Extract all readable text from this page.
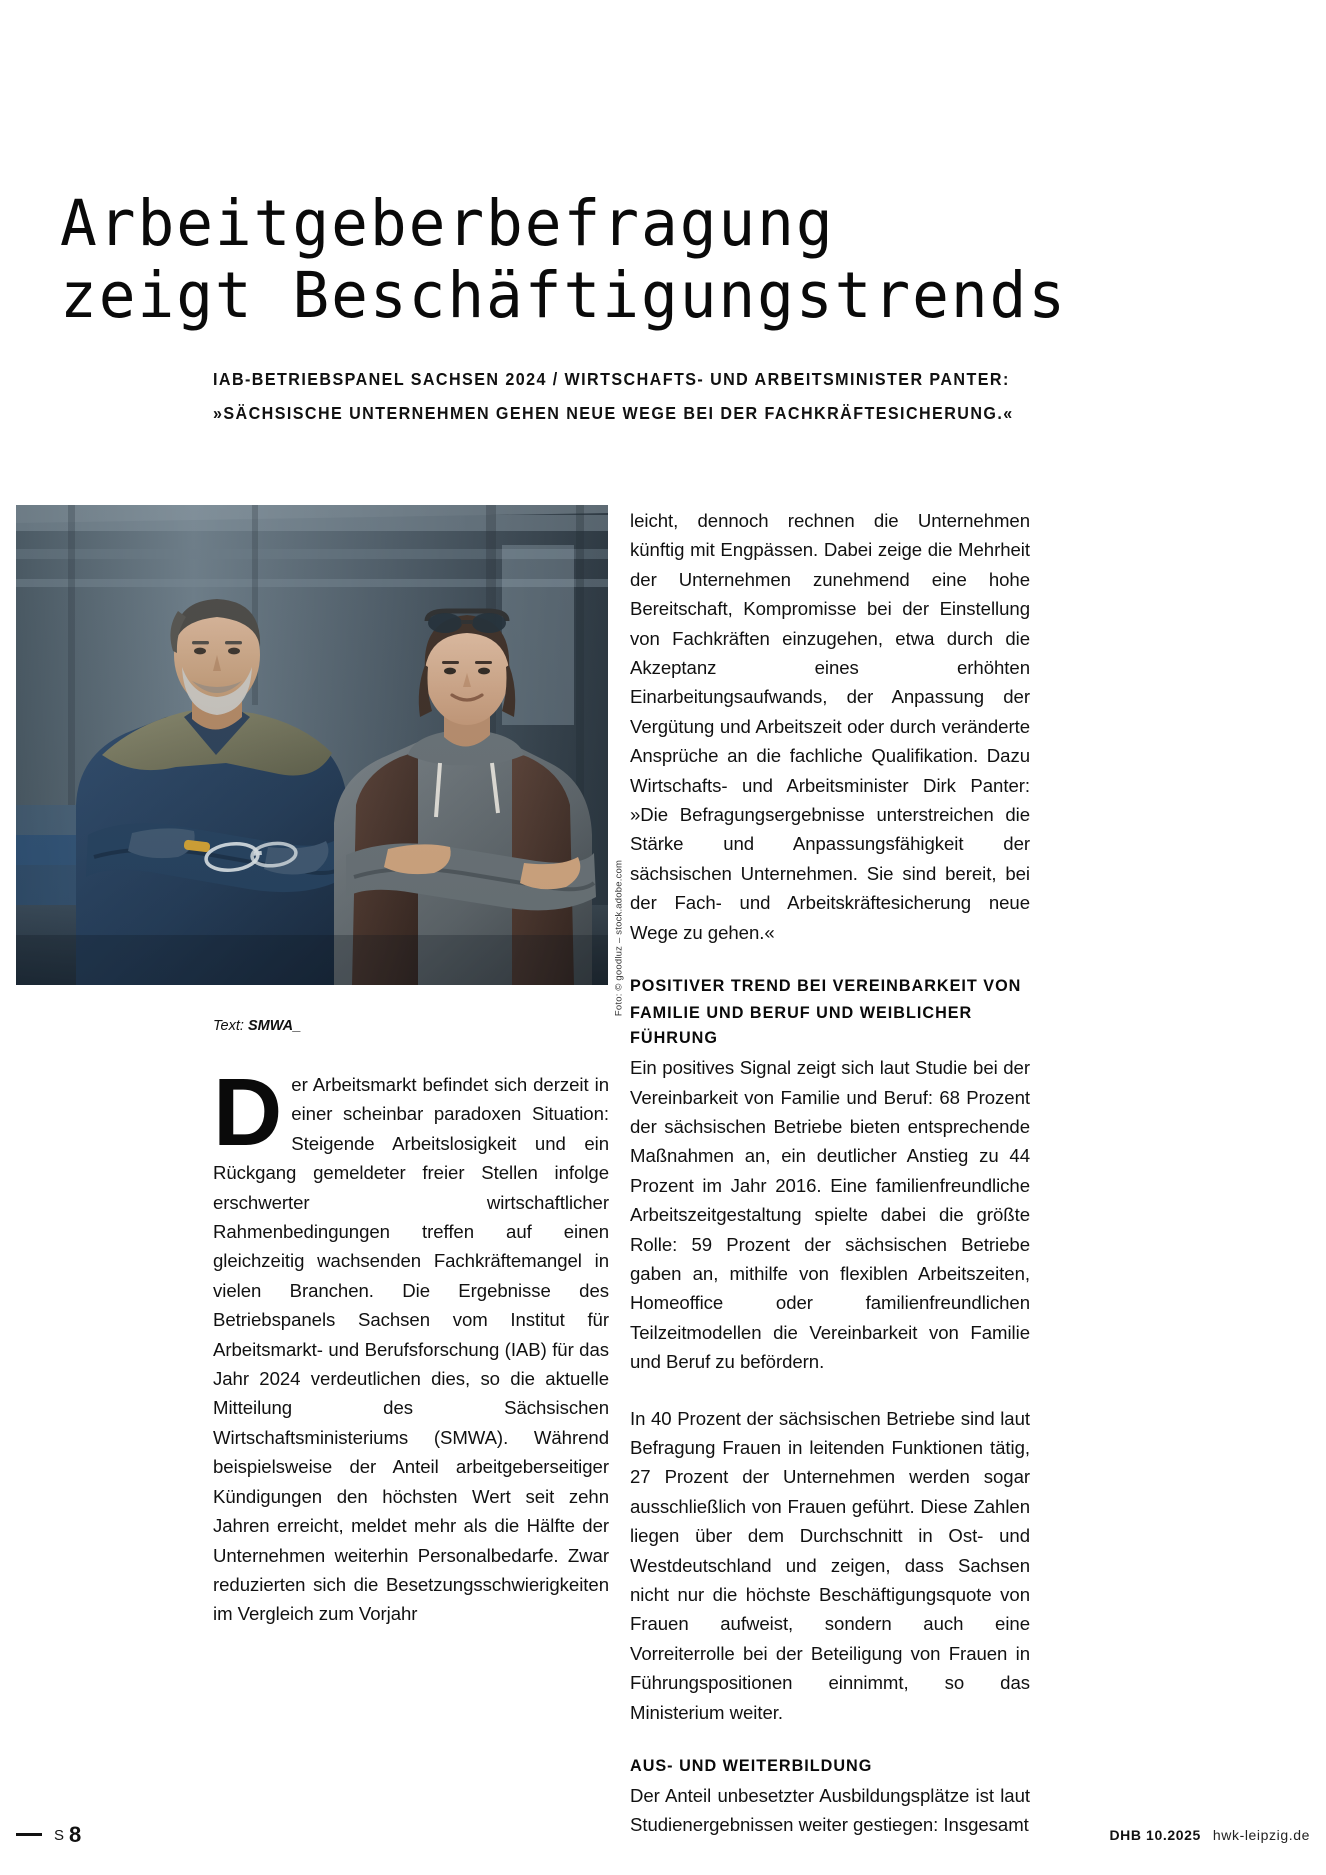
Arbeitgeberbefragung
zeigt Beschäftigungstrends
IAB-BETRIEBSPANEL SACHSEN 2024 / WIRTSCHAFTS- UND ARBEITSMINISTER PANTER:
»SÄCHSISCHE UNTERNEHMEN GEHEN NEUE WEGE BEI DER FACHKRÄFTESICHERUNG.«
Foto: © goodluz – stock.adobe.com
Text: SMWA_

Der Arbeitsmarkt befindet sich derzeit in einer scheinbar paradoxen Situation: Steigende Arbeitslosigkeit und ein Rückgang gemeldeter freier Stellen infolge erschwerter wirtschaftlicher Rahmenbedingungen treffen auf einen gleichzeitig wachsenden Fachkräftemangel in vielen Branchen. Die Ergebnisse des Betriebspanels Sachsen vom Institut für Arbeitsmarkt- und Berufsforschung (IAB) für das Jahr 2024 verdeutlichen dies, so die aktuelle Mitteilung des Sächsischen Wirtschaftsministeriums (SMWA). Während beispielsweise der Anteil arbeitgeberseitiger Kündigungen den höchsten Wert seit zehn Jahren erreicht, meldet mehr als die Hälfte der Unternehmen weiterhin Personalbedarfe. Zwar reduzierten sich die Besetzungsschwierigkeiten im Vergleich zum Vorjahr

leicht, dennoch rechnen die Unternehmen künftig mit Engpässen. Dabei zeige die Mehrheit der Unternehmen zunehmend eine hohe Bereitschaft, Kompromisse bei der Einstellung von Fachkräften einzugehen, etwa durch die Akzeptanz eines erhöhten Einarbeitungsaufwands, der Anpassung der Vergütung und Arbeitszeit oder durch veränderte Ansprüche an die fachliche Qualifikation. Dazu Wirtschafts- und Arbeitsminister Dirk Panter: »Die Befragungsergebnisse unterstreichen die Stärke und Anpassungsfähigkeit der sächsischen Unternehmen. Sie sind bereit, bei der Fach- und Arbeitskräftesicherung neue Wege zu gehen.«

POSITIVER TREND BEI VEREINBARKEIT VON

FAMILIE UND BERUF UND WEIBLICHER FÜHRUNG

Ein positives Signal zeigt sich laut Studie bei der Vereinbarkeit von Familie und Beruf: 68 Prozent der sächsischen Betriebe bieten entsprechende Maßnahmen an, ein deutlicher Anstieg zu 44 Prozent im Jahr 2016. Eine familienfreundliche Arbeitszeitgestaltung spielte dabei die größte Rolle: 59 Prozent der sächsischen Betriebe gaben an, mithilfe von flexiblen Arbeitszeiten, Homeoffice oder familienfreundlichen Teilzeitmodellen die Vereinbarkeit von Familie und Beruf zu befördern.

In 40 Prozent der sächsischen Betriebe sind laut Befragung Frauen in leitenden Funktionen tätig, 27 Prozent der Unternehmen werden sogar ausschließlich von Frauen geführt. Diese Zahlen liegen über dem Durchschnitt in Ost- und Westdeutschland und zeigen, dass Sachsen nicht nur die höchste Beschäftigungsquote von Frauen aufweist, sondern auch eine Vorreiterrolle bei der Beteiligung von Frauen in Führungspositionen einnimmt, so das Ministerium weiter.

AUS- UND WEITERBILDUNG

Der Anteil unbesetzter Ausbildungsplätze ist laut Studienergebnissen weiter gestiegen: Insgesamt

S 8	DHB 10.2025 hwk-leipzig.de
